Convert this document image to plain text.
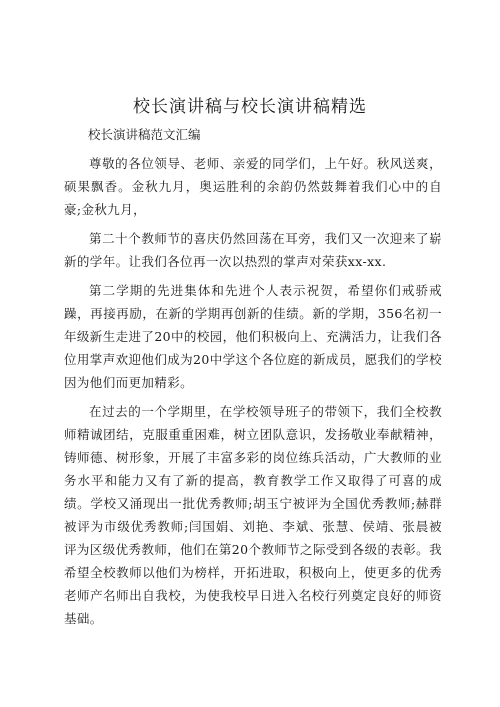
校长演讲稿与校长演讲稿精选

校长演讲稿范文汇编

尊敬的各位领导、老师、亲爱的同学们，上午好。秋风送爽，硕果飘香。金秋九月，奥运胜利的余韵仍然鼓舞着我们心中的自豪;金秋九月，

第二十个教师节的喜庆仍然回荡在耳旁，我们又一次迎来了崭新的学年。让我们各位再一次以热烈的掌声对荣获xx-xx.

第二学期的先进集体和先进个人表示祝贺，希望你们戒骄戒躁，再接再励，在新的学期再创新的佳绩。新的学期，356名初一年级新生走进了20中的校园，他们积极向上、充满活力，让我们各位用掌声欢迎他们成为20中学这个各位庭的新成员，愿我们的学校因为他们而更加精彩。

在过去的一个学期里，在学校领导班子的带领下，我们全校教师精诚团结，克服重重困难，树立团队意识，发扬敬业奉献精神，铸师德、树形象，开展了丰富多彩的岗位练兵活动，广大教师的业务水平和能力又有了新的提高，教育教学工作又取得了可喜的成绩。学校又涌现出一批优秀教师;胡玉宁被评为全国优秀教师;赫群被评为市级优秀教师;闫国娟、刘艳、李斌、张慧、侯靖、张晨被评为区级优秀教师，他们在第20个教师节之际受到各级的表彰。我希望全校教师以他们为榜样，开拓进取，积极向上，使更多的优秀老师产名师出自我校，为使我校早日进入名校行列奠定良好的师资基础。
